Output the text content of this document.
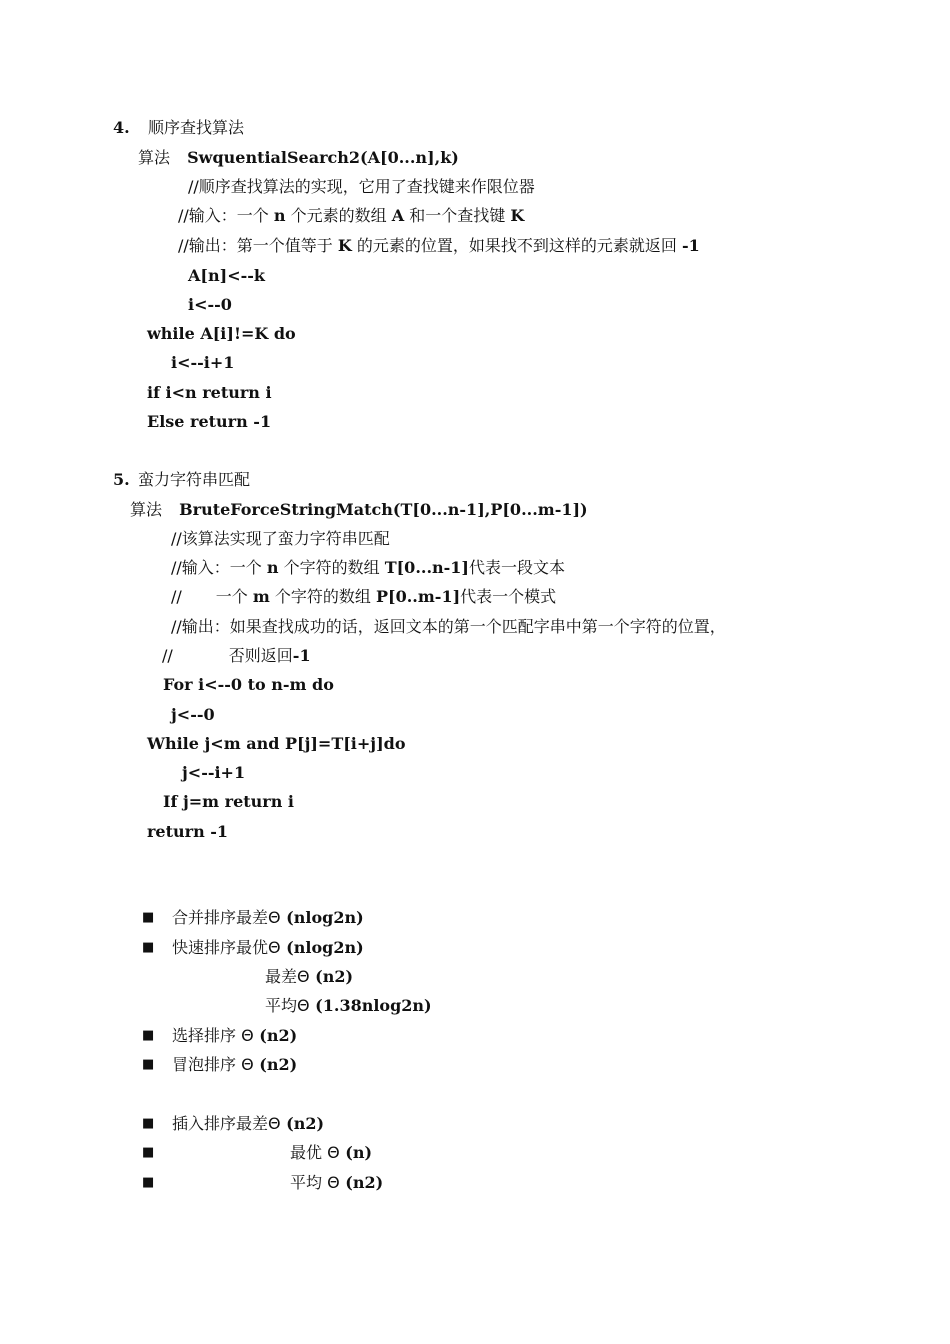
4. 顺序查找算法
算法 SwquentialSearch2(A[0...n],k)
//顺序查找算法的实现，它用了查找键来作限位器
//输入：一个 n 个元素的数组 A 和一个查找键 K
//输出：第一个值等于 K 的元素的位置，如果找不到这样的元素就返回 -1
A[n]<--k
i<--0
while A[i]!=K do
i<--i+1
if i<n return i
Else return -1
5. 蛮力字符串匹配
算法 BruteForceStringMatch(T[0...n-1],P[0...m-1])
//该算法实现了蛮力字符串匹配
//输入：一个 n 个字符的数组 T[0...n-1]代表一段文本
// 一个 m 个字符的数组 P[0..m-1]代表一个模式
//输出：如果查找成功的话，返回文本的第一个匹配字串中第一个字符的位置，
//	否则返回-1
For i<--0 to n-m do
j<--0
While j<m and P[j]=T[i+j]do
j<--i+1
If j=m return i
return -1
■ 合并排序最差Θ (nlog2n)
■ 快速排序最优Θ (nlog2n)
最差Θ (n2)
平均Θ (1.38nlog2n)
■ 选择排序 Θ (n2)
■ 冒泡排序 Θ (n2)
■ 插入排序最差Θ (n2)
■	最优 Θ (n)
■	平均 Θ (n2)
